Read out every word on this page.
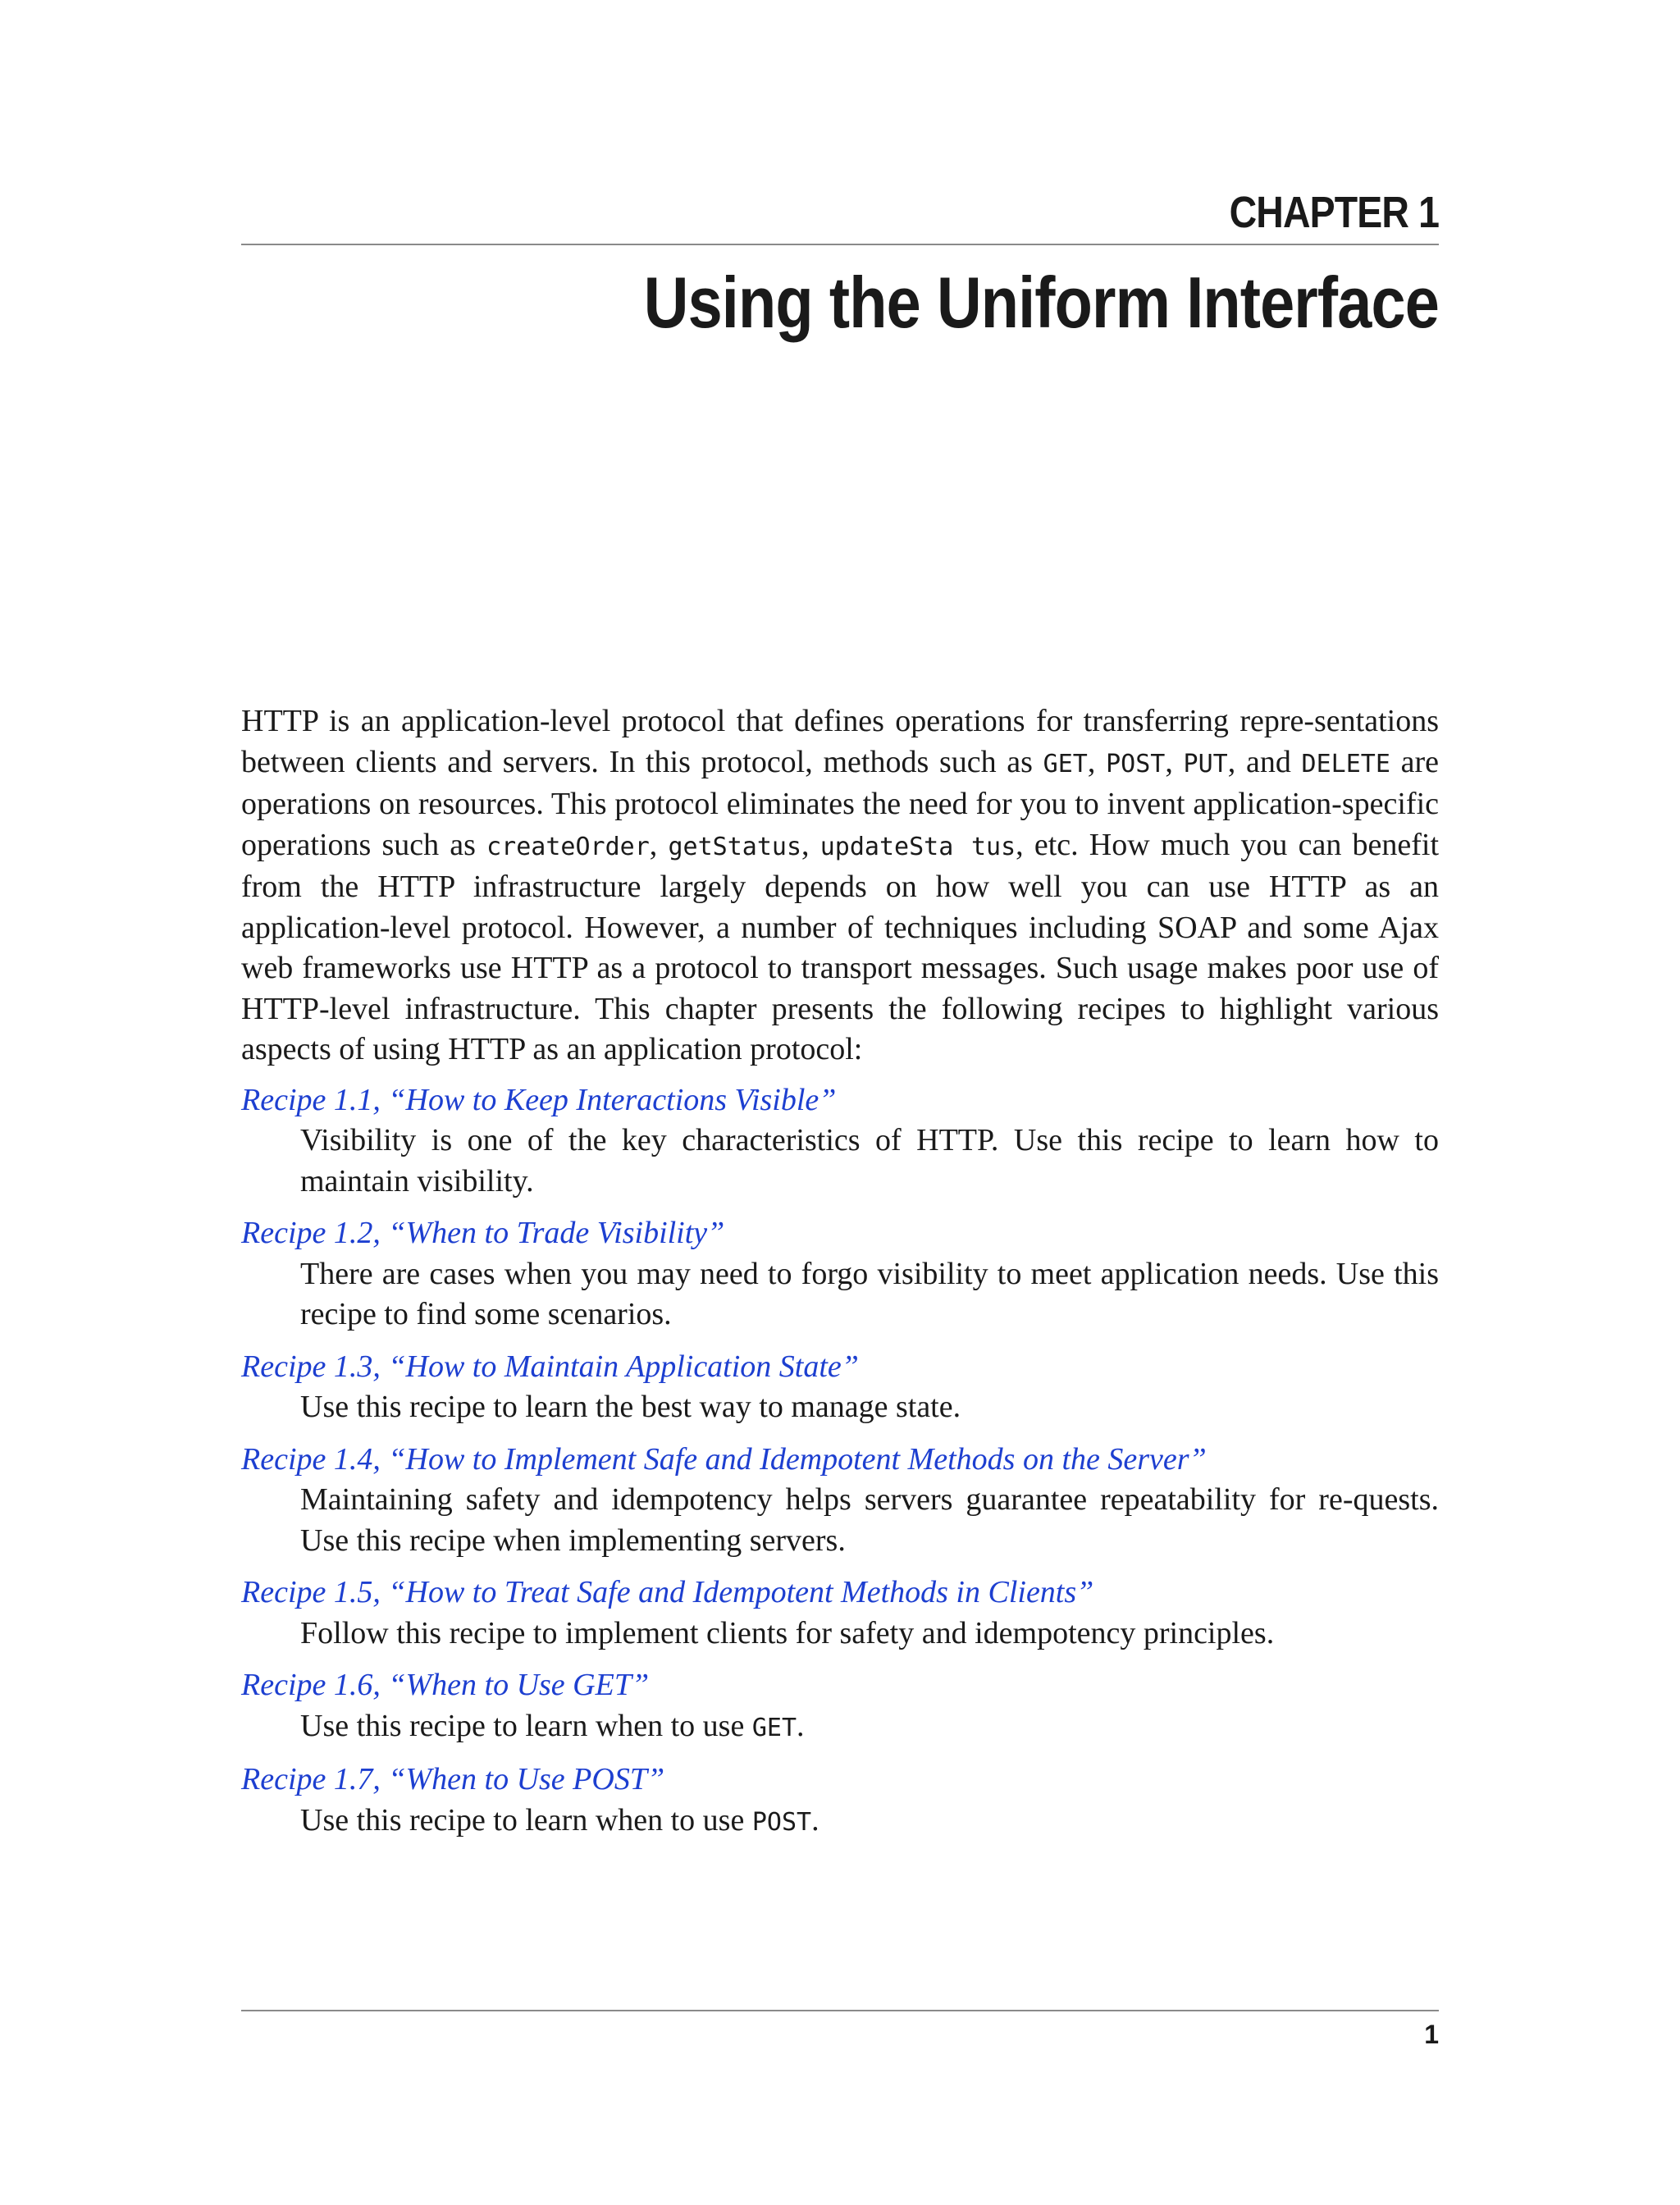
CHAPTER 1
Using the Uniform Interface

HTTP is an application-level protocol that defines operations for transferring repre-sentations between clients and servers. In this protocol, methods such as GET, POST, PUT, and DELETE are operations on resources. This protocol eliminates the need for you to invent application-specific operations such as createOrder, getStatus, updateSta tus, etc. How much you can benefit from the HTTP infrastructure largely depends on how well you can use HTTP as an application-level protocol. However, a number of techniques including SOAP and some Ajax web frameworks use HTTP as a protocol to transport messages. Such usage makes poor use of HTTP-level infrastructure. This chapter presents the following recipes to highlight various aspects of using HTTP as an application protocol:

Recipe 1.1, “How to Keep Interactions Visible”
Visibility is one of the key characteristics of HTTP. Use this recipe to learn how to maintain visibility.
Recipe 1.2, “When to Trade Visibility”
There are cases when you may need to forgo visibility to meet application needs. Use this recipe to find some scenarios.
Recipe 1.3, “How to Maintain Application State”
Use this recipe to learn the best way to manage state.
Recipe 1.4, “How to Implement Safe and Idempotent Methods on the Server”
Maintaining safety and idempotency helps servers guarantee repeatability for re-quests. Use this recipe when implementing servers.
Recipe 1.5, “How to Treat Safe and Idempotent Methods in Clients”
Follow this recipe to implement clients for safety and idempotency principles.
Recipe 1.6, “When to Use GET”
Use this recipe to learn when to use GET.
Recipe 1.7, “When to Use POST”
Use this recipe to learn when to use POST.
1
